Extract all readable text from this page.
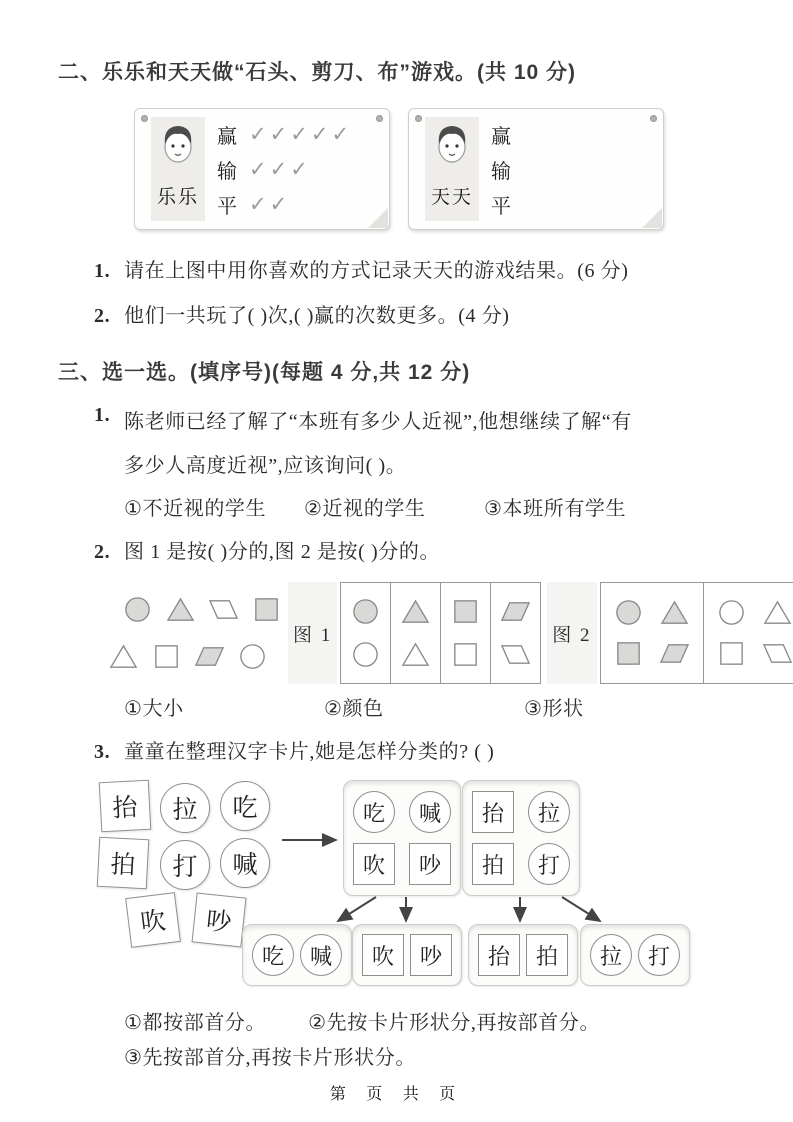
二、乐乐和天天做“石头、剪刀、布”游戏。(共 10 分)
乐乐
赢 ✓ ✓ ✓ ✓ ✓
输 ✓ ✓ ✓
平 ✓ ✓	天天
赢
输
平
1. 请在上图中用你喜欢的方式记录天天的游戏结果。(6 分)
2. 他们一共玩了( )次,( )赢的次数更多。(4 分)
三、选一选。(填序号)(每题 4 分,共 12 分)
1. 陈老师已经了解了“本班有多少人近视”,他想继续了解“有
多少人高度近视”,应该询问( )。
①不近视的学生	②近视的学生	③本班所有学生
2. 图 1 是按( )分的,图 2 是按( )分的。
图 1	图 2
①大小	②颜色	③形状
3. 童童在整理汉字卡片,她是怎样分类的? ( )
抬	拉	吃
拍	打	喊
吹	吵
吃	喊
吹	吵
抬	拉
拍	打
吃	喊	吹	吵	抬	拍	拉	打
①都按部首分。 ②先按卡片形状分,再按部首分。
③先按部首分,再按卡片形状分。
第 页 共 页
